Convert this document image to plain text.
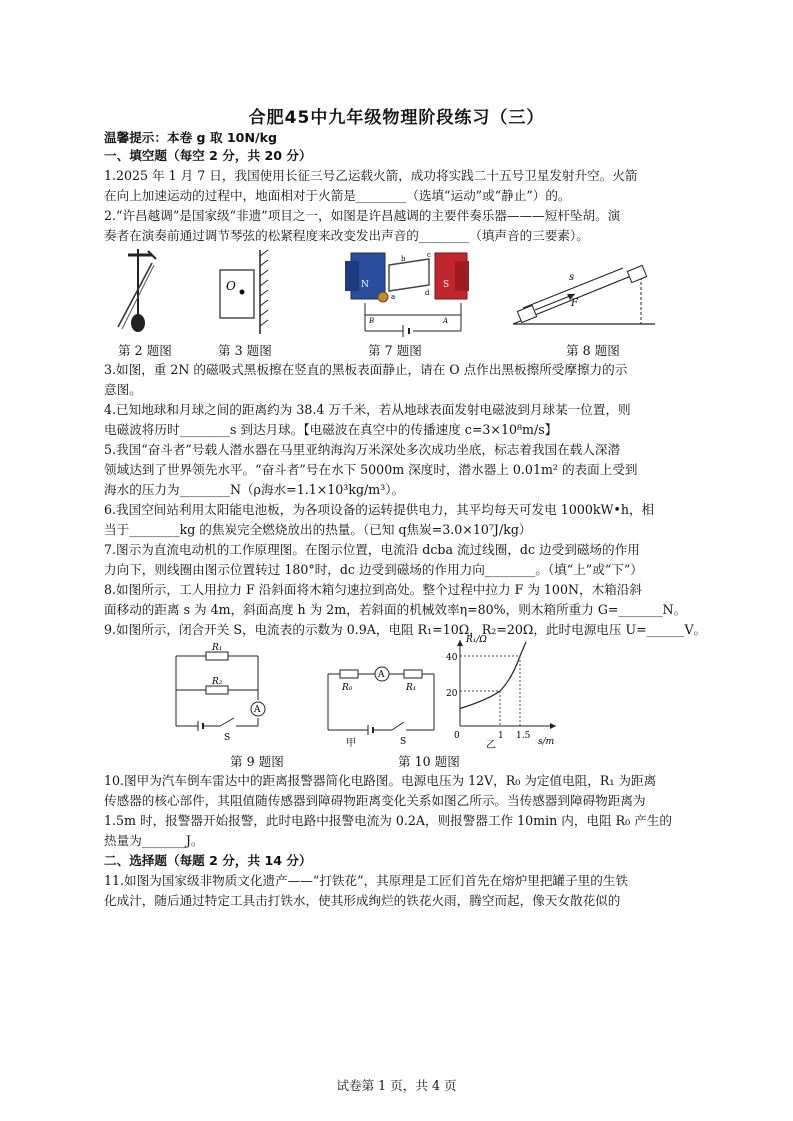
合肥45中九年级物理阶段练习（三）
温馨提示：本卷 g 取 10N/kg
一、填空题（每空 2 分，共 20 分）
1.2025 年 1 月 7 日，我国使用长征三号乙运载火箭，成功将实践二十五号卫星发射升空。火箭
在向上加速运动的过程中，地面相对于火箭是________（选填“运动”或“静止”）的。
2.“许昌越调”是国家级“非遗”项目之一，如图是许昌越调的主要伴奏乐器———短杆坠胡。演
奏者在演奏前通过调节琴弦的松紧程度来改变发出声音的________（填声音的三要素）。
O	N	S
b	c
a	d
B	A
s
F
第 2 题图	第 3 题图	第 7 题图	第 8 题图
3.如图，重 2N 的磁吸式黑板擦在竖直的黑板表面静止，请在 O 点作出黑板擦所受摩擦力的示
意图。
4.已知地球和月球之间的距离约为 38.4 万千米，若从地球表面发射电磁波到月球某一位置，则
电磁波将历时________s 到达月球。【电磁波在真空中的传播速度 c=3×10⁸m/s】
5.我国“奋斗者”号载人潜水器在马里亚纳海沟万米深处多次成功坐底，标志着我国在载人深潜
领域达到了世界领先水平。“奋斗者”号在水下 5000m 深度时，潜水器上 0.01m² 的表面上受到
海水的压力为________N（ρ海水=1.1×10³kg/m³）。
6.我国空间站利用太阳能电池板，为各项设备的运转提供电力，其平均每天可发电 1000kW•h，相
当于________kg 的焦炭完全燃烧放出的热量。（已知 q焦炭=3.0×10⁷J/kg）
7.图示为直流电动机的工作原理图。在图示位置，电流沿 dcba 流过线圈，dc 边受到磁场的作用
力向下，则线圈由图示位置转过 180°时，dc 边受到磁场的作用力向________。（填“上”或“下”）
8.如图所示，工人用拉力 F 沿斜面将木箱匀速拉到高处。整个过程中拉力 F 为 100N，木箱沿斜
面移动的距离 s 为 4m，斜面高度 h 为 2m，若斜面的机械效率η=80%，则木箱所重力 G=_______N。
9.如图所示，闭合开关 S，电流表的示数为 0.9A，电阻 R₁=10Ω，R₂=20Ω，此时电源电压 U=______V。
R₁
R₂
A
S
R₀	R₁
A
S
甲
R₁/Ω
s/m
40
20
0	1 1.5
乙
第 9 题图	第 10 题图
10.图甲为汽车倒车雷达中的距离报警器简化电路图。电源电压为 12V，R₀ 为定值电阻，R₁ 为距离
传感器的核心部件，其阻值随传感器到障碍物距离变化关系如图乙所示。当传感器到障碍物距离为
1.5m 时，报警器开始报警，此时电路中报警电流为 0.2A，则报警器工作 10min 内，电阻 R₀ 产生的
热量为_______J。
二、选择题（每题 2 分，共 14 分）
11.如图为国家级非物质文化遗产——“打铁花”，其原理是工匠们首先在熔炉里把罐子里的生铁
化成汁，随后通过特定工具击打铁水，使其形成绚烂的铁花火雨，腾空而起，像天女散花似的
试卷第 1 页，共 4 页
